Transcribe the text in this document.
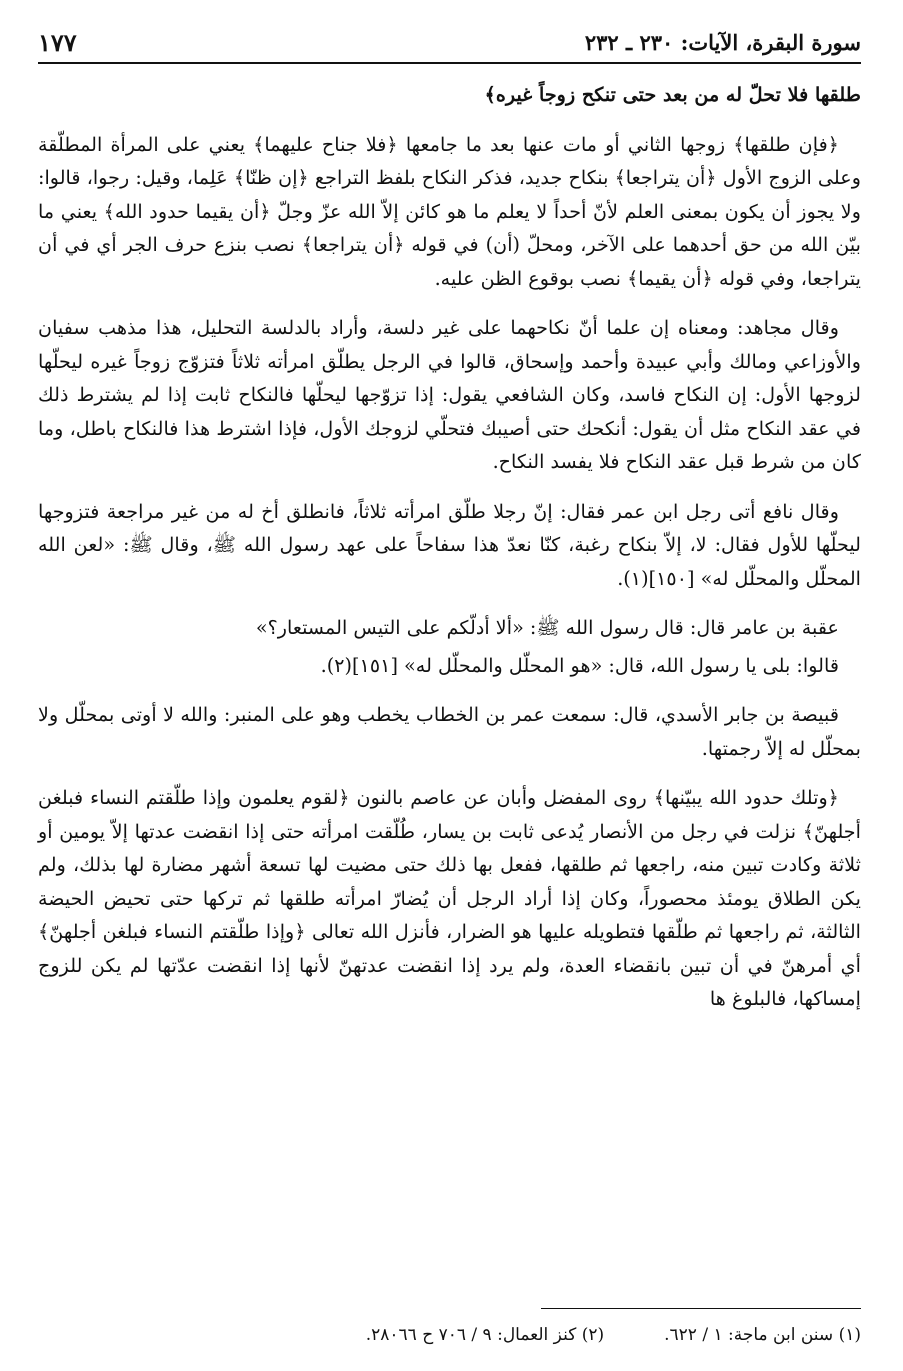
سورة البقرة، الآيات: ٢٣٠ ـ ٢٣٢
١٧٧

طلقها فلا تحلّ له من بعد حتى تنكح زوجاً غيره﴾

﴿فإن طلقها﴾ زوجها الثاني أو مات عنها بعد ما جامعها ﴿فلا جناح عليهما﴾ يعني على المرأة المطلّقة وعلى الزوج الأول ﴿أن يتراجعا﴾ بنكاح جديد، فذكر النكاح بلفظ التراجع ﴿إن ظنّا﴾ عَلِما، وقيل: رجوا، قالوا: ولا يجوز أن يكون بمعنى العلم لأنّ أحداً لا يعلم ما هو كائن إلاّ الله عزّ وجلّ ﴿أن يقيما حدود الله﴾ يعني ما بيّن الله من حق أحدهما على الآخر، ومحلّ (أن) في قوله ﴿أن يتراجعا﴾ نصب بنزع حرف الجر أي في أن يتراجعا، وفي قوله ﴿أن يقيما﴾ نصب بوقوع الظن عليه.

وقال مجاهد: ومعناه إن علما أنّ نكاحهما على غير دلسة، وأراد بالدلسة التحليل، هذا مذهب سفيان والأوزاعي ومالك وأبي عبيدة وأحمد وإسحاق، قالوا في الرجل يطلّق امرأته ثلاثاً فتزوّج زوجاً غيره ليحلّها لزوجها الأول: إن النكاح فاسد، وكان الشافعي يقول: إذا تزوّجها ليحلّها فالنكاح ثابت إذا لم يشترط ذلك في عقد النكاح مثل أن يقول: أنكحك حتى أصيبك فتحلّي لزوجك الأول، فإذا اشترط هذا فالنكاح باطل، وما كان من شرط قبل عقد النكاح فلا يفسد النكاح.

وقال نافع أتى رجل ابن عمر فقال: إنّ رجلا طلّق امرأته ثلاثاً، فانطلق أخ له من غير مراجعة فتزوجها ليحلّها للأول فقال: لا، إلاّ بنكاح رغبة، كنّا نعدّ هذا سفاحاً على عهد رسول الله ﷺ، وقال ﷺ: «لعن الله المحلّل والمحلّل له» [١٥٠](١).

عقبة بن عامر قال: قال رسول الله ﷺ: «ألا أدلّكم على التيس المستعار؟»

قالوا: بلى يا رسول الله، قال: «هو المحلّل والمحلّل له» [١٥١](٢).

قبيصة بن جابر الأسدي، قال: سمعت عمر بن الخطاب يخطب وهو على المنبر: والله لا أوتى بمحلّل ولا بمحلّل له إلاّ رجمتها.

﴿وتلك حدود الله يبيّنها﴾ روى المفضل وأبان عن عاصم بالنون ﴿لقوم يعلمون وإذا طلّقتم النساء فبلغن أجلهنّ﴾ نزلت في رجل من الأنصار يُدعى ثابت بن يسار، طُلّقت امرأته حتى إذا انقضت عدتها إلاّ يومين أو ثلاثة وكادت تبين منه، راجعها ثم طلقها، ففعل بها ذلك حتى مضيت لها تسعة أشهر مضارة لها بذلك، ولم يكن الطلاق يومئذ محصوراً، وكان إذا أراد الرجل أن يُضارّ امرأته طلقها ثم تركها حتى تحيض الحيضة الثالثة، ثم راجعها ثم طلّقها فتطويله عليها هو الضرار، فأنزل الله تعالى ﴿وإذا طلّقتم النساء فبلغن أجلهنّ﴾ أي أمرهنّ في أن تبين بانقضاء العدة، ولم يرد إذا انقضت عدتهنّ لأنها إذا انقضت عدّتها لم يكن للزوج إمساكها، فالبلوغ ها

(١) سنن ابن ماجة: ١ / ٦٢٢.
(٢) كنز العمال: ٩ / ٧٠٦ ح ٢٨٠٦٦.
